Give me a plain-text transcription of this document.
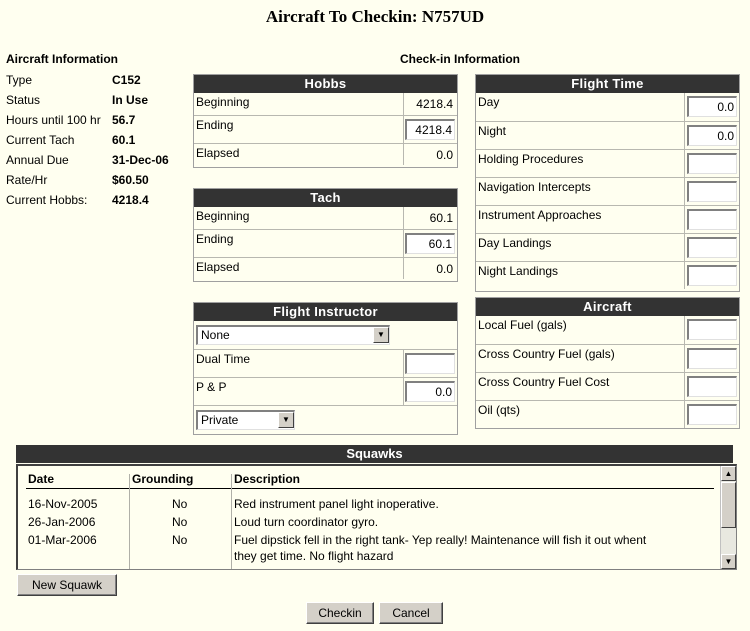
Aircraft To Checkin: N757UD
Aircraft Information
Type	C152
Status	In Use
Hours until 100 hr 56.7
Current Tach	60.1
Annual Due	31-Dec-06
Rate/Hr	$60.50
Current Hobbs: 4218.4
Check-in Information
Hobbs
Beginning	4218.4
Ending	4218.4
Elapsed	0.0
Tach
Beginning	60.1
Ending	60.1
Elapsed	0.0
Flight Instructor
None	▼
Dual Time
P & P	0.0
Private	▼
Flight Time
Day	0.0
Night	0.0
Holding Procedures
Navigation Intercepts
Instrument Approaches
Day Landings
Night Landings
Aircraft
Local Fuel (gals)
Cross Country Fuel (gals)
Cross Country Fuel Cost
Oil (qts)
Squawks
Date	Grounding	Description
16-Nov-2005	No	Red instrument panel light inoperative.
26-Jan-2006	No	Loud turn coordinator gyro.
01-Mar-2006	No	Fuel dipstick fell in the right tank- Yep really! Maintenance will fish it out whent
they get time. No flight hazard
▲
▼
New Squawk
Checkin	Cancel
